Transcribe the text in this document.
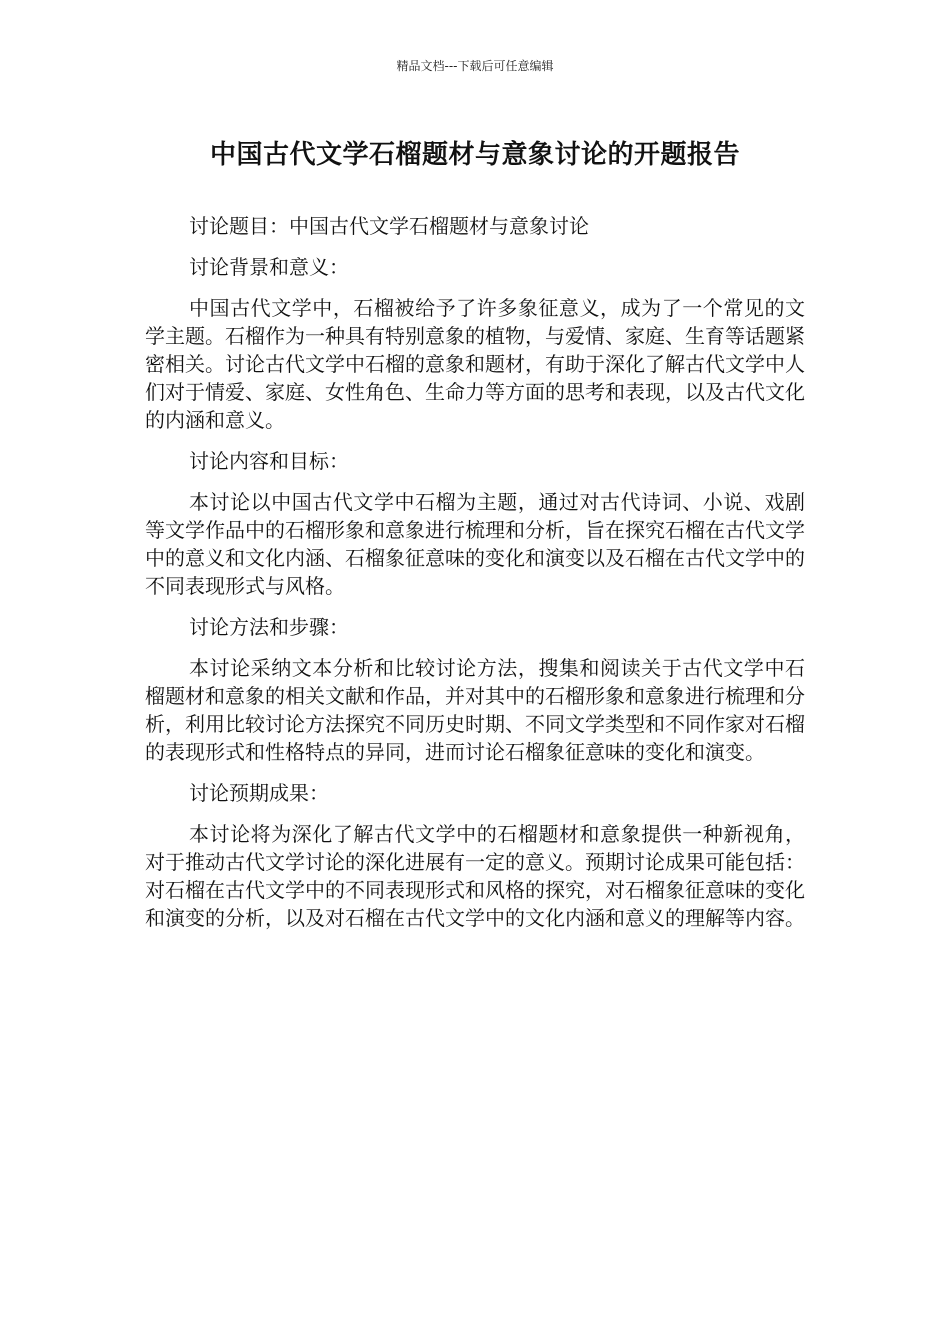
精品文档---下载后可任意编辑
中国古代文学石榴题材与意象讨论的开题报告

讨论题目：中国古代文学石榴题材与意象讨论

讨论背景和意义：

中国古代文学中，石榴被给予了许多象征意义，成为了一个常见的文学主题。石榴作为一种具有特别意象的植物，与爱情、家庭、生育等话题紧密相关。讨论古代文学中石榴的意象和题材，有助于深化了解古代文学中人们对于情爱、家庭、女性角色、生命力等方面的思考和表现，以及古代文化的内涵和意义。

讨论内容和目标：

本讨论以中国古代文学中石榴为主题，通过对古代诗词、小说、戏剧等文学作品中的石榴形象和意象进行梳理和分析，旨在探究石榴在古代文学中的意义和文化内涵、石榴象征意味的变化和演变以及石榴在古代文学中的不同表现形式与风格。

讨论方法和步骤：

本讨论采纳文本分析和比较讨论方法，搜集和阅读关于古代文学中石榴题材和意象的相关文献和作品，并对其中的石榴形象和意象进行梳理和分析，利用比较讨论方法探究不同历史时期、不同文学类型和不同作家对石榴的表现形式和性格特点的异同，进而讨论石榴象征意味的变化和演变。

讨论预期成果：

本讨论将为深化了解古代文学中的石榴题材和意象提供一种新视角，对于推动古代文学讨论的深化进展有一定的意义。预期讨论成果可能包括：对石榴在古代文学中的不同表现形式和风格的探究，对石榴象征意味的变化和演变的分析，以及对石榴在古代文学中的文化内涵和意义的理解等内容。
